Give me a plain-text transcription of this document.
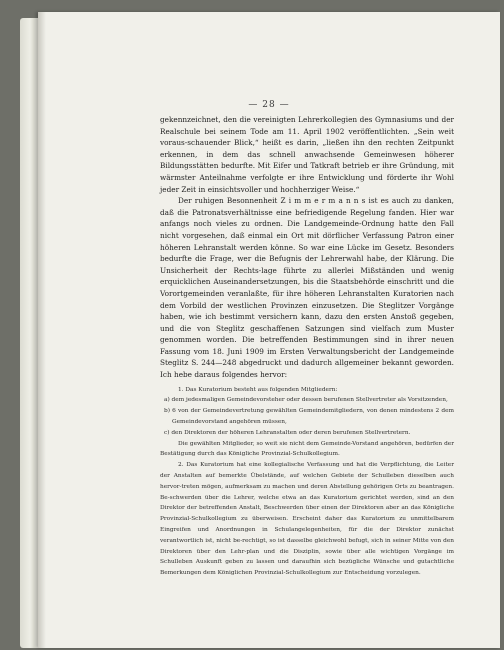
— 28 —

gekennzeichnet, den die vereinigten Lehrerkollegien des Gymnasiums und der Realschule bei seinem Tode am 11. April 1902 veröffentlichten. „Sein weit voraus-schauender Blick,“ heißt es darin, „ließen ihn den rechten Zeitpunkt erkennen, in dem das schnell anwachsende Gemeinwesen höherer Bildungsstätten bedurfte. Mit Eifer und Tatkraft betrieb er ihre Gründung, mit wärmster Anteilnahme verfolgte er ihre Entwicklung und förderte ihr Wohl jeder Zeit in einsichtsvoller und hochherziger Weise.“

Der ruhigen Besonnenheit Z i m m e r m a n n s ist es auch zu danken, daß die Patronatsverhältnisse eine befriedigende Regelung fanden. Hier war anfangs noch vieles zu ordnen. Die Landgemeinde-Ordnung hatte den Fall nicht vorgesehen, daß einmal ein Ort mit dörflicher Verfassung Patron einer höheren Lehranstalt werden könne. So war eine Lücke im Gesetz. Besonders bedurfte die Frage, wer die Befugnis der Lehrerwahl habe, der Klärung. Die Unsicherheit der Rechts-lage führte zu allerlei Mißständen und wenig erquicklichen Auseinandersetzungen, bis die Staatsbehörde einschritt und die Vorortgemeinden veranlaßte, für ihre höheren Lehranstalten Kuratorien nach dem Vorbild der westlichen Provinzen einzusetzen. Die Steglitzer Vorgänge haben, wie ich bestimmt versichern kann, dazu den ersten Anstoß gegeben, und die von Steglitz geschaffenen Satzungen sind vielfach zum Muster genommen worden. Die betreffenden Bestimmungen sind in ihrer neuen Fassung vom 18. Juni 1909 im Ersten Verwaltungsbericht der Landgemeinde Steglitz S. 244—248 abgedruckt und dadurch allgemeiner bekannt geworden. Ich hebe daraus folgendes hervor:

1. Das Kuratorium besteht aus folgenden Mitgliedern:

a) dem jedesmaligen Gemeindevorsteher oder dessen berufenen Stellvertreter als Vorsitzenden,

b) 6 von der Gemeindevertretung gewählten Gemeindemitgliedern, von denen mindestens 2 dem Gemeindevorstand angehören müssen,

c) den Direktoren der höheren Lehranstalten oder deren berufenen Stellvertretern.

Die gewählten Mitglieder, so weit sie nicht dem Gemeinde-Vorstand angehören, bedürfen der Bestätigung durch das Königliche Provinzial-Schulkollegium.

2. Das Kuratorium hat eine kollegialische Verfassung und hat die Verpflichtung, die Leiter der Anstalten auf bemerkte Übelstände, auf welchen Gebiete der Schulleben dieselben auch hervor-treten mögen, aufmerksam zu machen und deren Abstellung gehörigen Orts zu beantragen. Be-schwerden über die Lehrer, welche etwa an das Kuratorium gerichtet werden, sind an den Direktor der betreffenden Anstalt, Beschwerden über einen der Direktoren aber an das Königliche Provinzial-Schulkollegium zu überweisen. Erscheint daher das Kuratorium zu unmittelbarem Eingreifen und Anordnungen in Schulangelegenheiten, für die der Direktor zunächst verantwortlich ist, nicht be-rechtigt, so ist dasselbe gleichwohl befugt, sich in seiner Mitte von den Direktoren über den Lehr-plan und die Disziplin, sowie über alle wichtigen Vorgänge im Schulleben Auskunft geben zu lassen und daraufhin sich bezügliche Wünsche und gutachtliche Bemerkungen dem Königlichen Provinzial-Schulkollegium zur Entscheidung vorzulegen.
